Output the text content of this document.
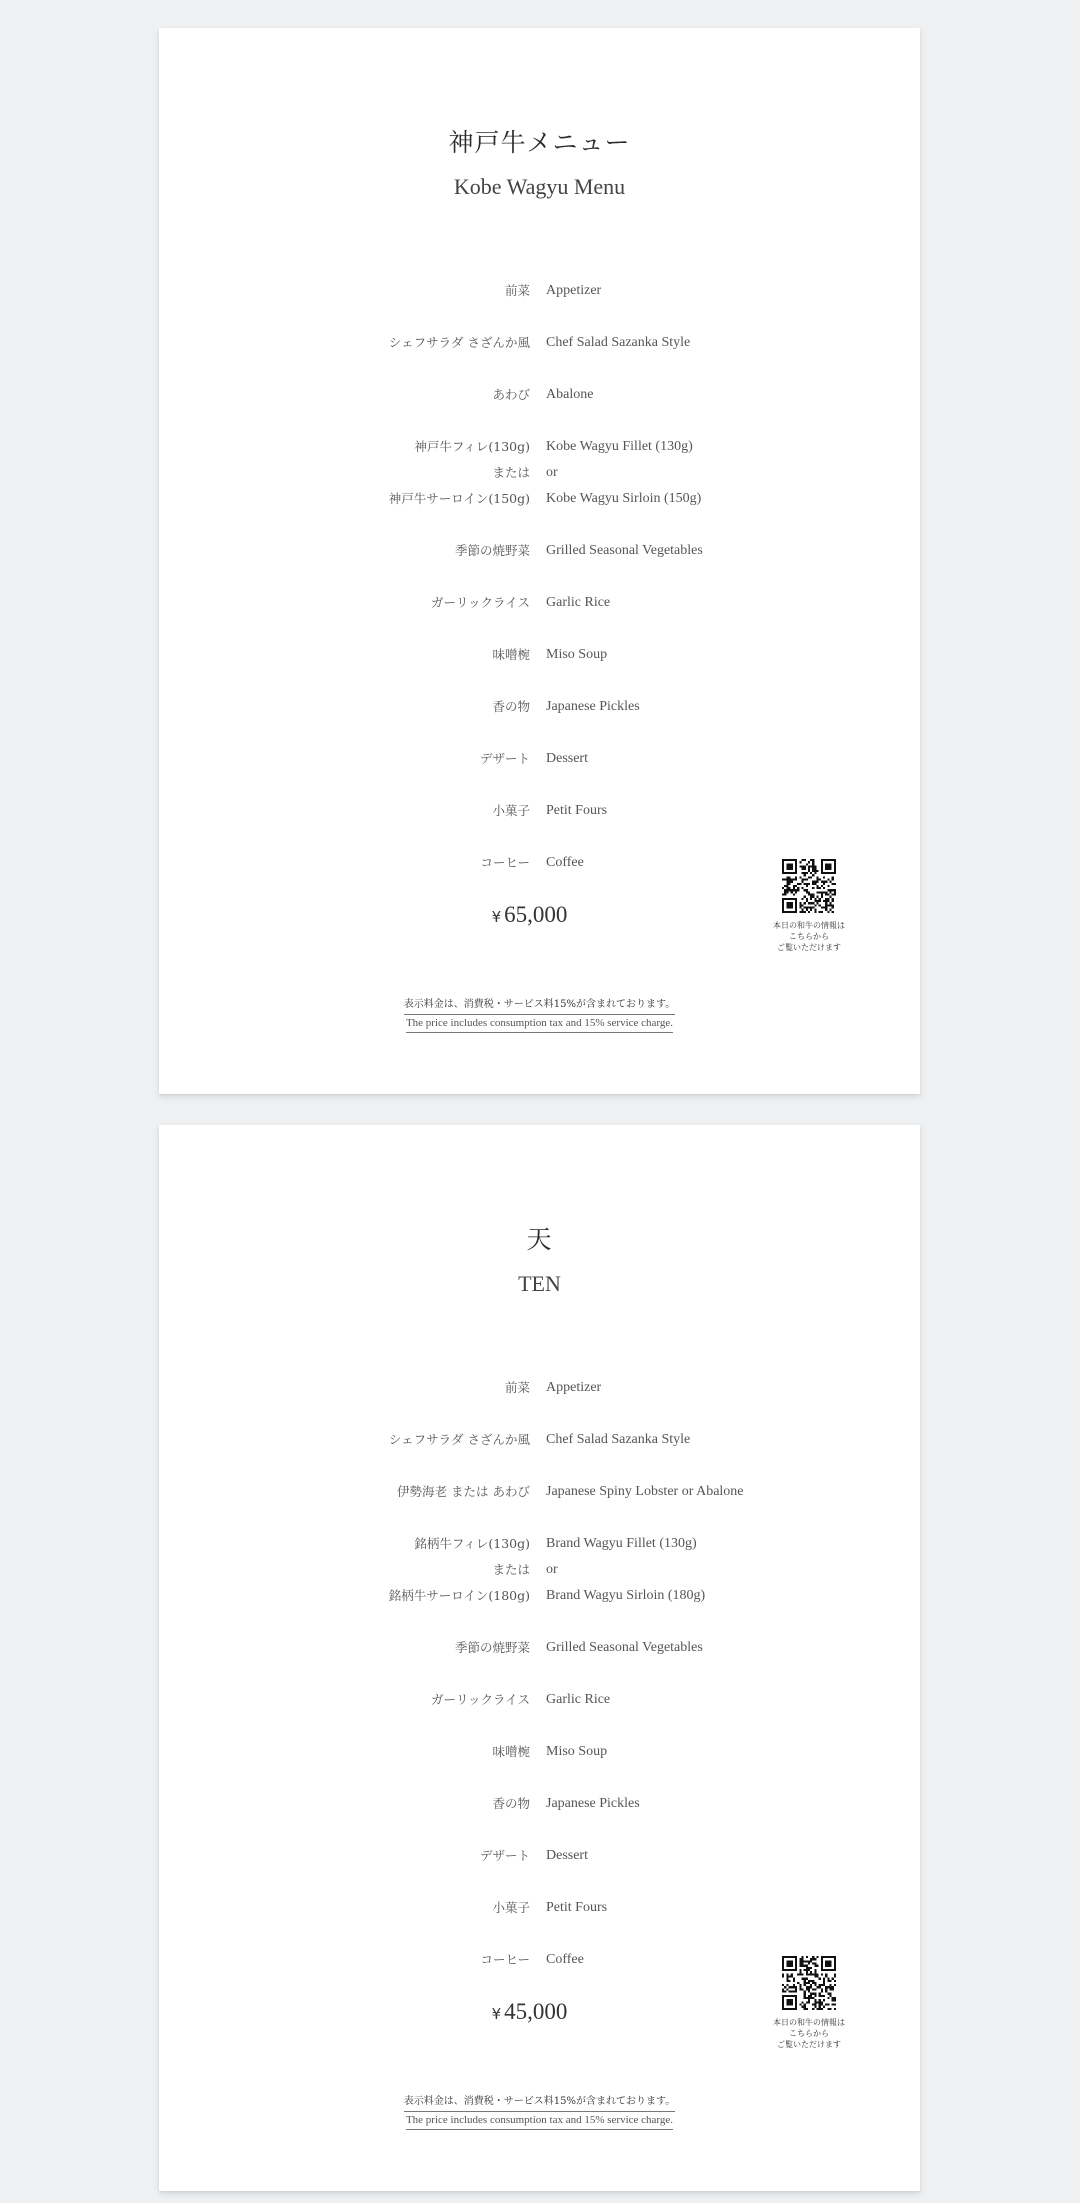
神戸牛メニュー
Kobe Wagyu Menu
前菜 Appetizer
シェフサラダ さざんか風 Chef Salad Sazanka Style
あわび Abalone
神戸牛フィレ(130g) Kobe Wagyu Fillet (130g)
または or
神戸牛サーロイン(150g) Kobe Wagyu Sirloin (150g)
季節の焼野菜 Grilled Seasonal Vegetables
ガーリックライス Garlic Rice
味噌椀 Miso Soup
香の物 Japanese Pickles
デザート Dessert
小菓子 Petit Fours
コーヒー Coffee
¥ 65,000	本日の和牛の情報は
こちらから
ご覧いただけます
表示料金は、消費税・サービス料15%が含まれております。
The price includes consumption tax and 15% service charge.
天
TEN
前菜 Appetizer
シェフサラダ さざんか風 Chef Salad Sazanka Style
伊勢海老 または あわび Japanese Spiny Lobster or Abalone
銘柄牛フィレ(130g) Brand Wagyu Fillet (130g)
または or
銘柄牛サーロイン(180g) Brand Wagyu Sirloin (180g)
季節の焼野菜 Grilled Seasonal Vegetables
ガーリックライス Garlic Rice
味噌椀 Miso Soup
香の物 Japanese Pickles
デザート Dessert
小菓子 Petit Fours
コーヒー Coffee
¥ 45,000	本日の和牛の情報は
こちらから
ご覧いただけます
表示料金は、消費税・サービス料15%が含まれております。
The price includes consumption tax and 15% service charge.
